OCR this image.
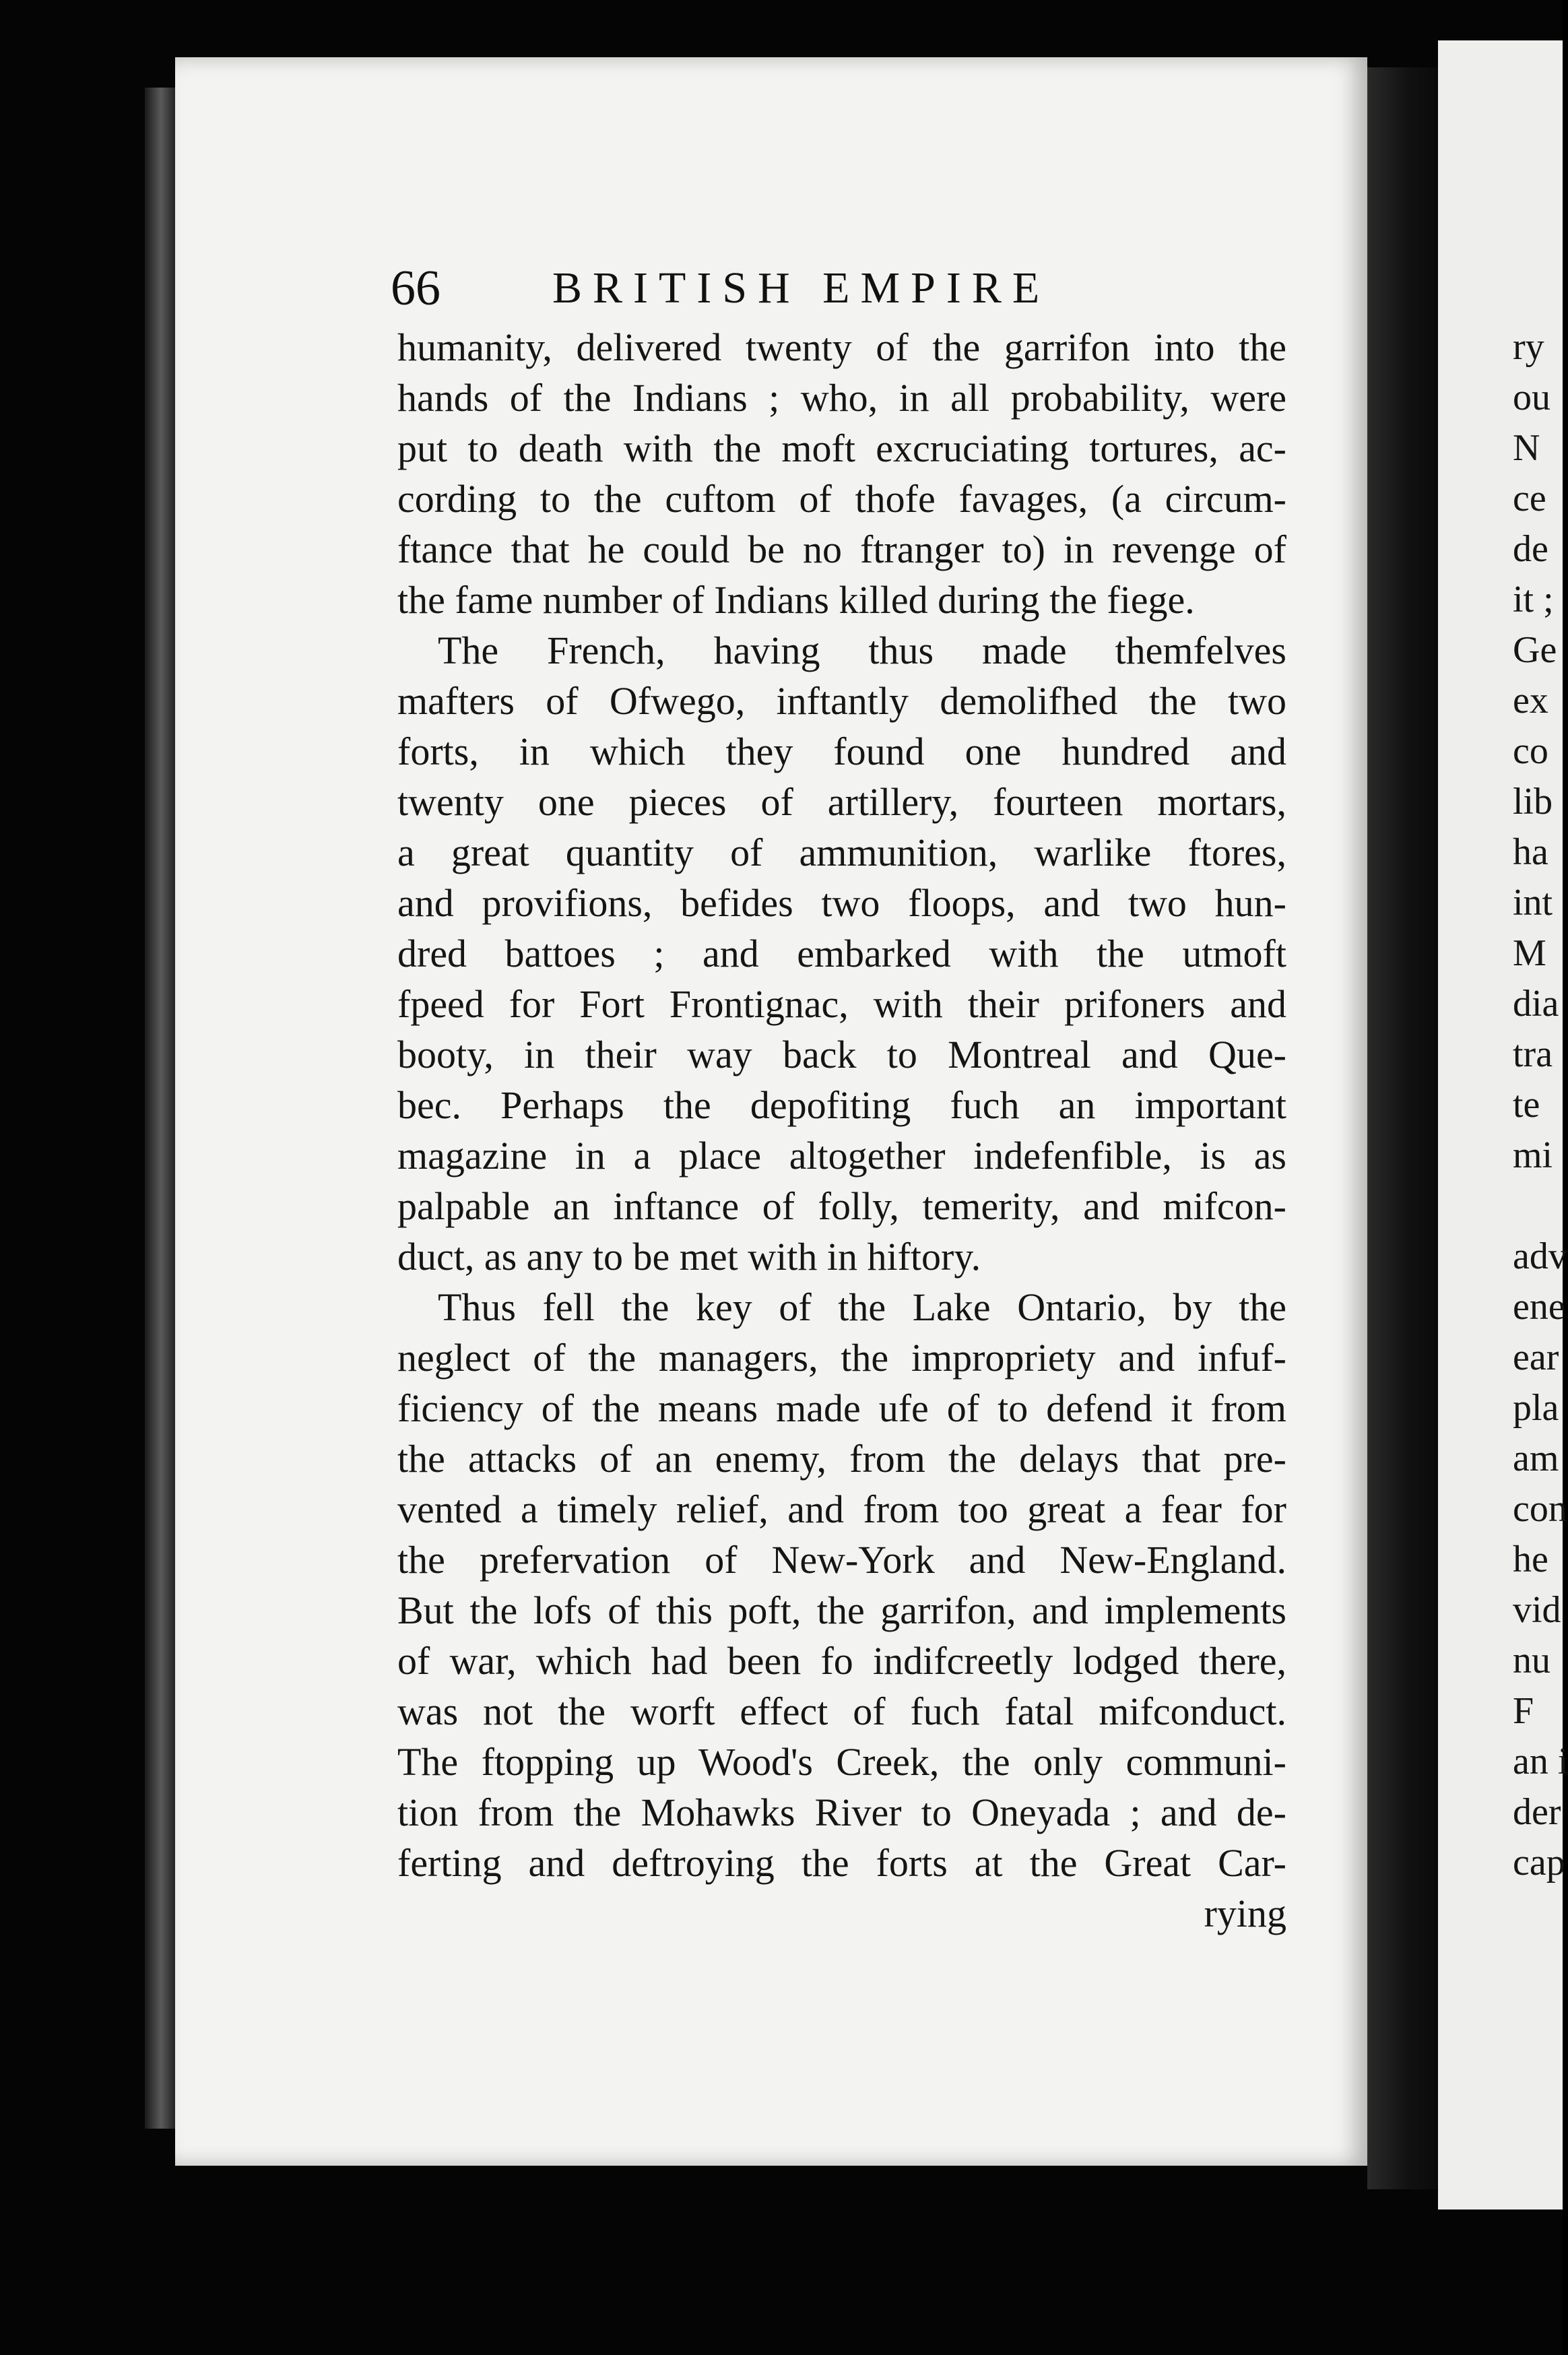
66	BRITISH EMPIRE
humanity, delivered twenty of the garrifon into the
hands of the Indians ; who, in all probability, were
put to death with the moft excruciating tortures, ac-
cording to the cuftom of thofe favages, (a circum-
ftance that he could be no ftranger to) in revenge of
the fame number of Indians killed during the fiege.
The French, having thus made themfelves
mafters of Ofwego, inftantly demolifhed the two
forts, in which they found one hundred and
twenty one pieces of artillery, fourteen mortars,
a great quantity of ammunition, warlike ftores,
and provifions, befides two floops, and two hun-
dred battoes ; and embarked with the utmoft
fpeed for Fort Frontignac, with their prifoners and
booty, in their way back to Montreal and Que-
bec. Perhaps the depofiting fuch an important
magazine in a place altogether indefenfible, is as
palpable an inftance of folly, temerity, and mifcon-
duct, as any to be met with in hiftory.
Thus fell the key of the Lake Ontario, by the
neglect of the managers, the impropriety and infuf-
ficiency of the means made ufe of to defend it from
the attacks of an enemy, from the delays that pre-
vented a timely relief, and from too great a fear for
the prefervation of New-York and New-England.
But the lofs of this poft, the garrifon, and implements
of war, which had been fo indifcreetly lodged there,
was not the worft effect of fuch fatal mifconduct.
The ftopping up Wood's Creek, the only communi-
tion from the Mohawks River to Oneyada ; and de-
ferting and deftroying the forts at the Great Car-
rying
ry
ou
N
ce
de
it ;
Ge
ex
co
lib
ha
int
M
dia
tra
te
mi
adv
ene
ear
pla
am
con
he
vid
nu
F
an i
der
cap
